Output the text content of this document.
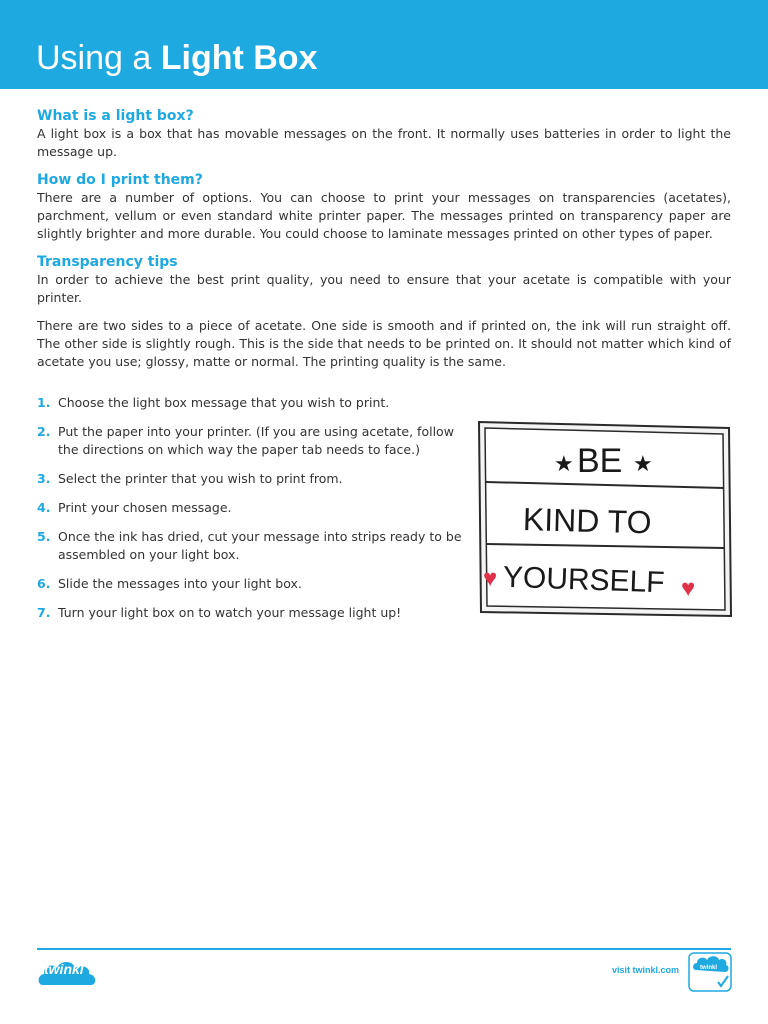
Using a Light Box
What is a light box?

A light box is a box that has movable messages on the front. It normally uses batteries in order to light the message up.

How do I print them?

There are a number of options. You can choose to print your messages on transparencies (acetates), parchment, vellum or even standard white printer paper. The messages printed on transparency paper are slightly brighter and more durable. You could choose to laminate messages printed on other types of paper.

Transparency tips

In order to achieve the best print quality, you need to ensure that your acetate is compatible with your printer.

There are two sides to a piece of acetate. One side is smooth and if printed on, the ink will run straight off. The other side is slightly rough. This is the side that needs to be printed on. It should not matter which kind of acetate you use; glossy, matte or normal. The printing quality is the same.

1. Choose the light box message that you wish to print.
2. Put the paper into your printer. (If you are using acetate, follow the directions on which way the paper tab needs to face.)
3. Select the printer that you wish to print from.
4. Print your chosen message.
5. Once the ink has dried, cut your message into strips ready to be assembled on your light box.
6. Slide the messages into your light box.
7. Turn your light box on to watch your message light up!
★ BE ★
KIND TO
♥ YOURSELF ♥
twinkl	visit twinkl.com	twinkl
